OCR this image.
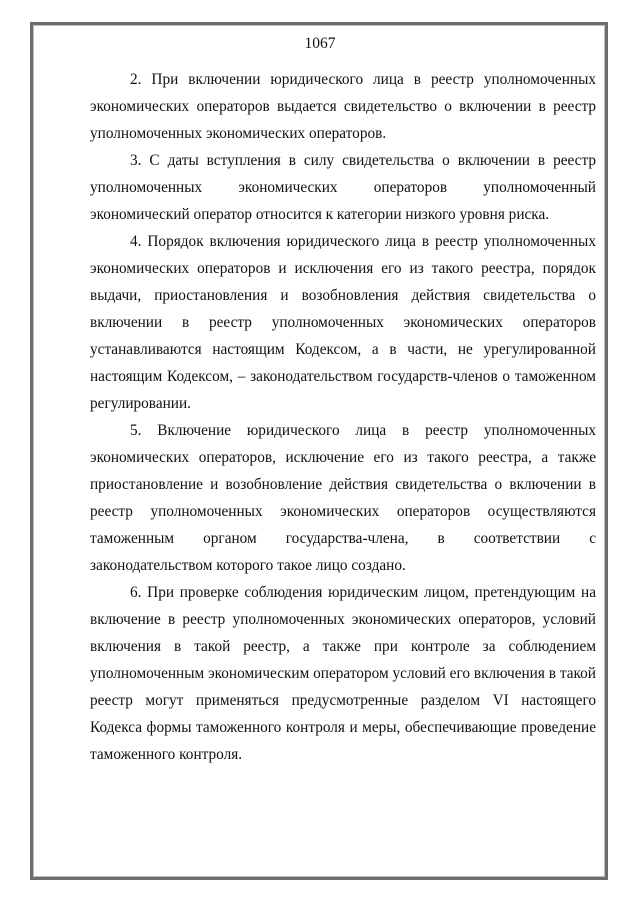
1067

2. При включении юридического лица в реестр уполномоченных экономических операторов выдается свидетельство о включении в реестр уполномоченных экономических операторов.

3. С даты вступления в силу свидетельства о включении в реестр уполномоченных экономических операторов уполномоченный экономический оператор относится к категории низкого уровня риска.

4. Порядок включения юридического лица в реестр уполномоченных экономических операторов и исключения его из такого реестра, порядок выдачи, приостановления и возобновления действия свидетельства о включении в реестр уполномоченных экономических операторов устанавливаются настоящим Кодексом, а в части, не урегулированной настоящим Кодексом, – законодательством государств-членов о таможенном регулировании.

5. Включение юридического лица в реестр уполномоченных экономических операторов, исключение его из такого реестра, а также приостановление и возобновление действия свидетельства о включении в реестр уполномоченных экономических операторов осуществляются таможенным органом государства-члена, в соответствии с законодательством которого такое лицо создано.

6. При проверке соблюдения юридическим лицом, претендующим на включение в реестр уполномоченных экономических операторов, условий включения в такой реестр, а также при контроле за соблюдением уполномоченным экономическим оператором условий его включения в такой реестр могут применяться предусмотренные разделом VI настоящего Кодекса формы таможенного контроля и меры, обеспечивающие проведение таможенного контроля.
